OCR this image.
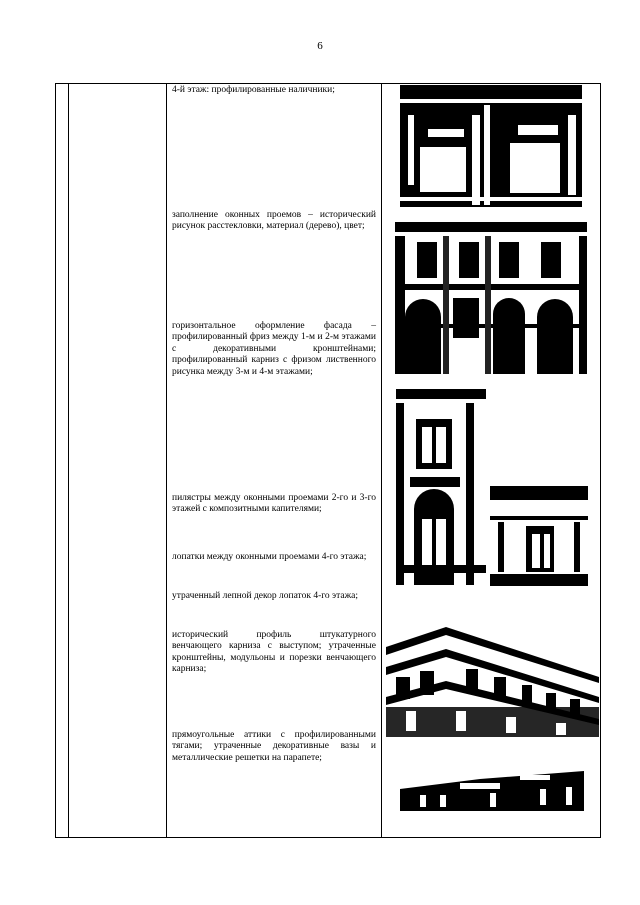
6
4-й этаж: профилированные наличники;
заполнение оконных проемов – исторический рисунок расстекловки, материал (дерево), цвет;
горизонтальное оформление фасада – профилированный фриз между 1-м и 2-м этажами с декоративными кронштейнами; профилированный карниз с фризом лиственного рисунка между 3-м и 4-м этажами;
пилястры между оконными проемами 2-го и 3-го этажей с композитными капителями;
лопатки между оконными проемами 4-го этажа;
утраченный лепной декор лопаток 4-го этажа;
исторический профиль штукатурного венчающего карниза с выступом; утраченные кронштейны, модульоны и порезки венчающего карниза;
прямоугольные аттики с профилированными тягами; утраченные декоративные вазы и металлические решетки на парапете;
